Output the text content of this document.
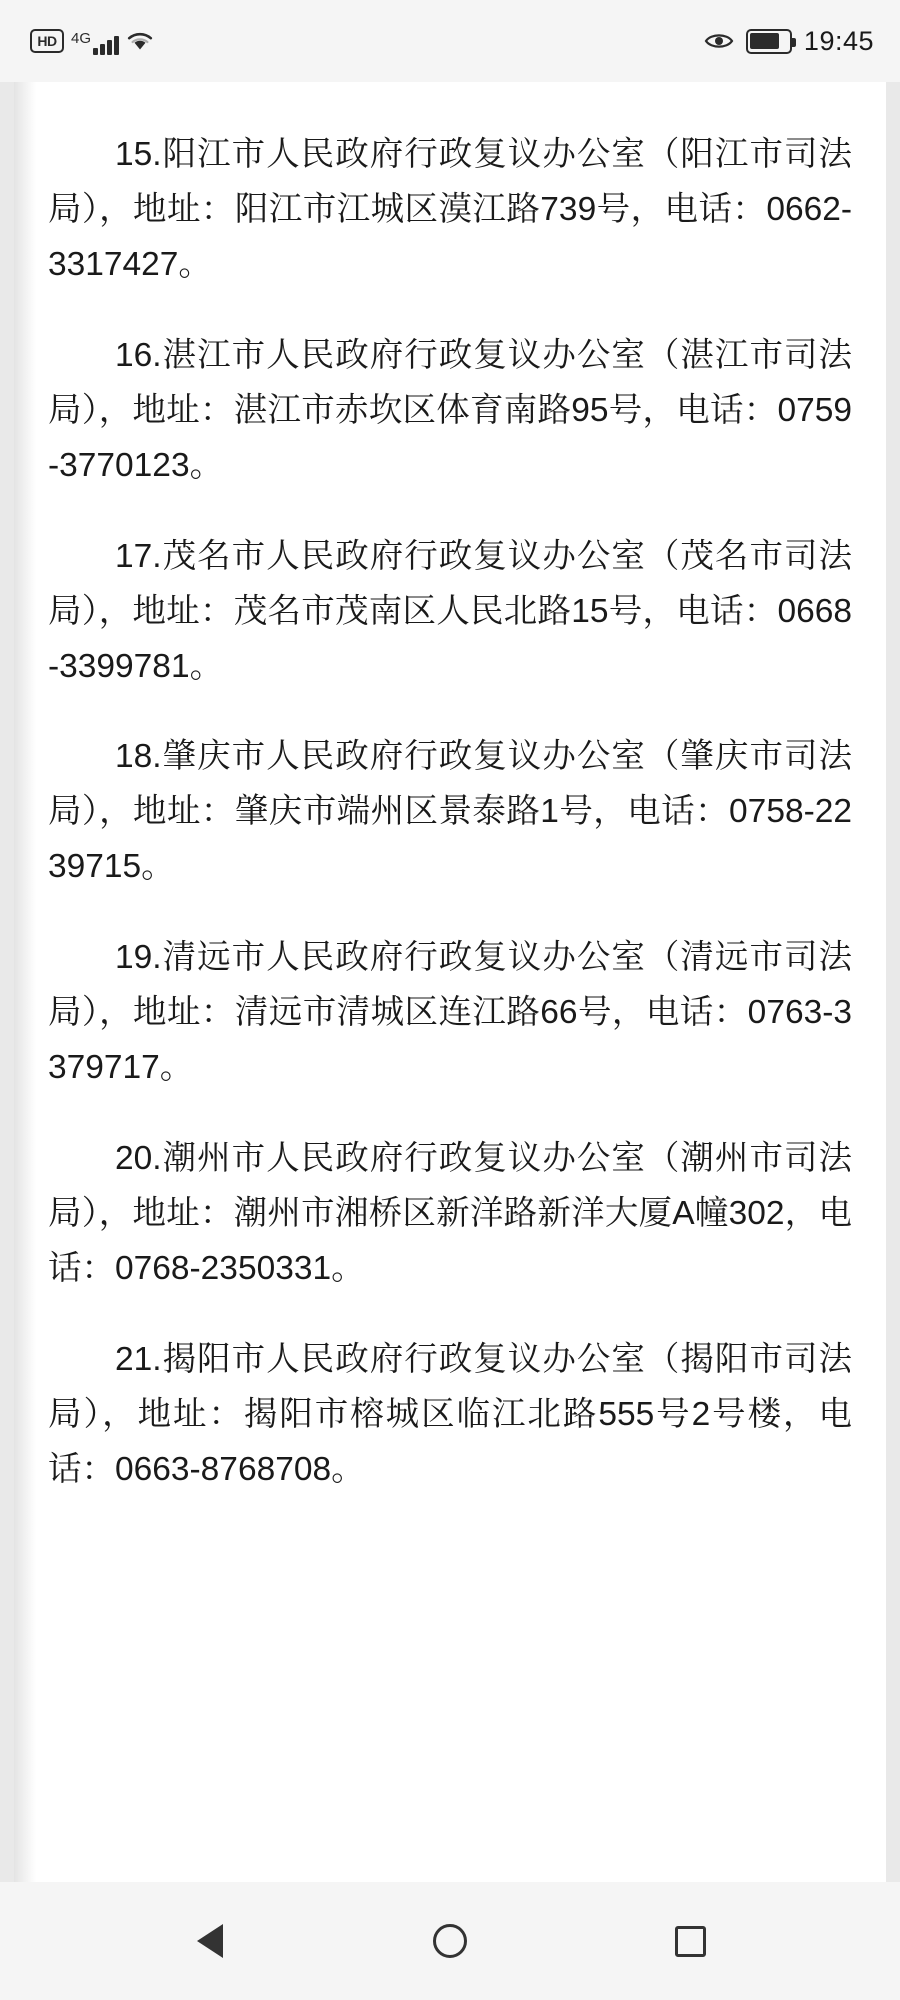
HD 4G	19:45

15.阳江市人民政府行政复议办公室（阳江市司法局），地址：阳江市江城区漠江路739号，电话：0662-3317427。

16.湛江市人民政府行政复议办公室（湛江市司法局），地址：湛江市赤坎区体育南路95号，电话：0759-3770123。

17.茂名市人民政府行政复议办公室（茂名市司法局），地址：茂名市茂南区人民北路15号，电话：0668-3399781。

18.肇庆市人民政府行政复议办公室（肇庆市司法局），地址：肇庆市端州区景泰路1号，电话：0758-2239715。

19.清远市人民政府行政复议办公室（清远市司法局），地址：清远市清城区连江路66号，电话：0763-3379717。

20.潮州市人民政府行政复议办公室（潮州市司法局），地址：潮州市湘桥区新洋路新洋大厦A幢302，电话：0768-2350331。

21.揭阳市人民政府行政复议办公室（揭阳市司法局），地址：揭阳市榕城区临江北路555号2号楼，电话：0663-8768708。
